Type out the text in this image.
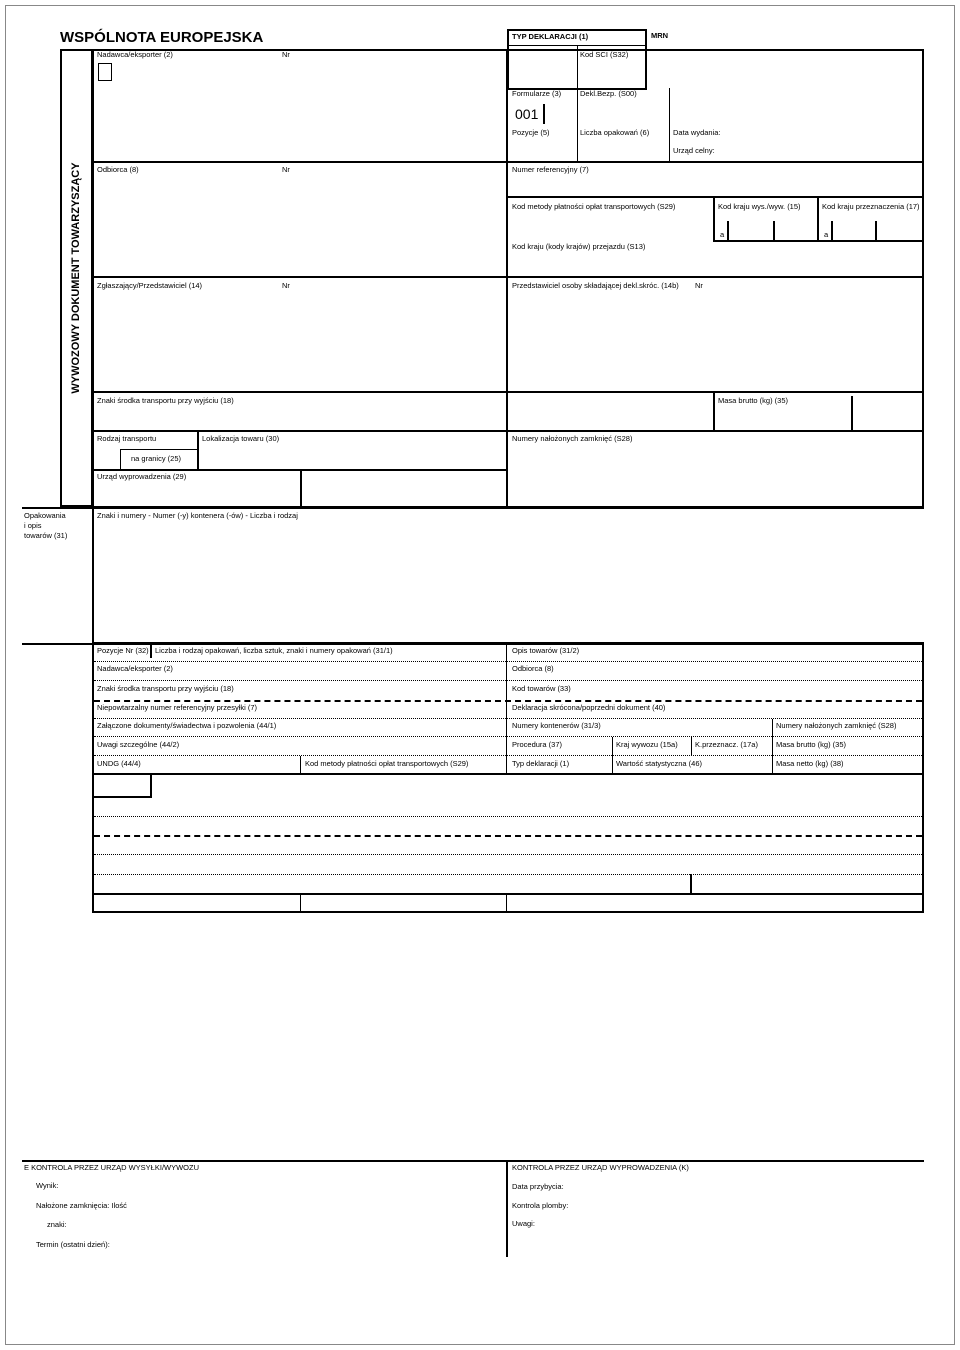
WSPÓLNOTA EUROPEJSKA
WYWOZOWY DOKUMENT TOWARZYSZĄCY
Nadawca/eksporter (2)	Nr
TYP DEKLARACJI (1)
Kod SCI (S32)
MRN
Formularze (3)	Dekl.Bezp. (S00)
001
Pozycje (5)	Liczba opakowań (6)	Data wydania:
Urząd celny:
Odbiorca (8)	Nr	Numer referencyjny (7)
Kod metody płatności opłat transportowych (S29)	Kod kraju wys./wyw. (15)	Kod kraju przeznaczenia (17)
a	a
Kod kraju (kody krajów) przejazdu (S13)
Zgłaszający/Przedstawiciel (14)	Nr	Przedstawiciel osoby składającej dekl.skróc. (14b) Nr
Znaki środka transportu przy wyjściu (18)	Masa brutto (kg) (35)
Rodzaj transportu	Lokalizacja towaru (30)
na granicy (25)
Numery nałożonych zamknięć (S28)
Urząd wyprowadzenia (29)
Opakowania
i opis
towarów (31)
Znaki i numery - Numer (-y) kontenera (-ów) - Liczba i rodzaj
Pozycje Nr (32) Liczba i rodzaj opakowań, liczba sztuk, znaki i numery opakowań (31/1)	Opis towarów (31/2)
Nadawca/eksporter (2)	Odbiorca (8)
Znaki środka transportu przy wyjściu (18)	Kod towarów (33)
Niepowtarzalny numer referencyjny przesyłki (7)	Deklaracja skrócona/poprzedni dokument (40)
Załączone dokumenty/świadectwa i pozwolenia (44/1)	Numery kontenerów (31/3)	Numery nałożonych zamknięć (S28)
Uwagi szczególne (44/2)	Procedura (37)	Kraj wywozu (15a) K.przeznacz. (17a) Masa brutto (kg) (35)
UNDG (44/4)	Kod metody płatności opłat transportowych (S29)	Typ deklaracji (1)	Wartość statystyczna (46)	Masa netto (kg) (38)
E KONTROLA PRZEZ URZĄD WYSYŁKI/WYWOZU	KONTROLA PRZEZ URZĄD WYPROWADZENIA (K)
Wynik:	Data przybycia:
Nałożone zamknięcia: Ilość	Kontrola plomby:
znaki:	Uwagi:
Termin (ostatni dzień):
